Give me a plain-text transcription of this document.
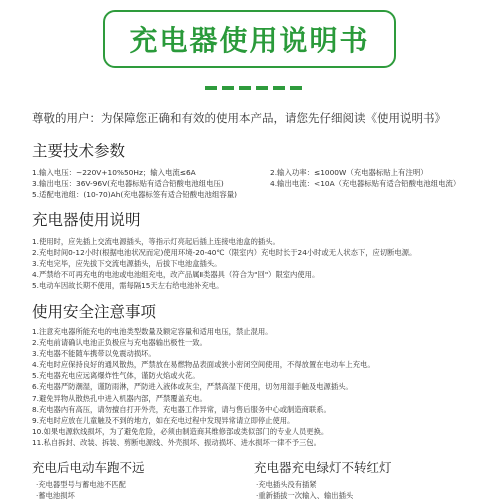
充电器使用说明书
尊敬的用户：为保障您正确和有效的使用本产品，请您先仔细阅读《使用说明书》
主要技术参数
1.输入电压：~220V+10%50Hz；输入电流≤6A	2.输入功率：≤1000W（充电器标贴上有注明）
3.输出电压：36V-96V(充电器标贴有适合铅酸电池组电压)	4.输出电流：<10A（充电器标贴有适合铅酸电池组电流）
5.适配电池组：(10-70)Ah(充电器标签有适合铅酸电池组容量)
充电器使用说明
1.使用时，应先插上交流电源插头，等指示灯亮起后插上连接电池盒的插头。
2.充电时间0-12小时(根据电池状况而定)使用环境-20-40℃（限室内）充电时长于24小时或无人状态下，应切断电源。
3.充电完毕，应先拔下交流电源插头，后拔下电池盒插头。
4.严禁给不可再充电的电池或电池组充电，改产品属Ⅱ类器具（符合为"回"）限室内使用。
5.电动车因故长期不使用，需每隔15天左右给电池补充电。
使用安全注意事项
1.注意充电器所能充电的电池类型数量及额定容量和适用电压，禁止混用。
2.充电前请确认电池正负极应与充电器输出极性一致。
3.充电器不能随车携带以免震动损坏。
4.充电时应保持良好的通风散热，严禁放在易燃物品表面或狭小密闭空间使用，不得放置在电动车上充电。
5.充电器充电应远离爆炸性气体，谨防火焰或火花。
6.充电器严防潮湿，谨防雨淋，严防进入液体或灰尘，严禁高湿下使用，切勿用湿手触及电源插头。
7.避免异物从散热孔中进入机器内部，严禁覆盖充电。
8.充电器内有高压，请勿擅自打开外壳，充电器工作异常，请与售后服务中心或制造商联系。
9.充电时应放在儿童触及不到的地方，如在充电过程中发现异常请立即停止使用。
10.如果电源软线损坏，为了避免危险，必须由制造商其维修部或类似部门的专业人员更换。
11.私自拆封、改装、拆装、剪断电源线、外壳损坏、振动损坏、进水损坏一律不予三包。
充电后电动车跑不远
·充电器型号与蓄电池不匹配
·蓄电池损坏
充电器充电绿灯不转红灯
·充电插头没有插紧
·重新插拔一次输入、输出插头
